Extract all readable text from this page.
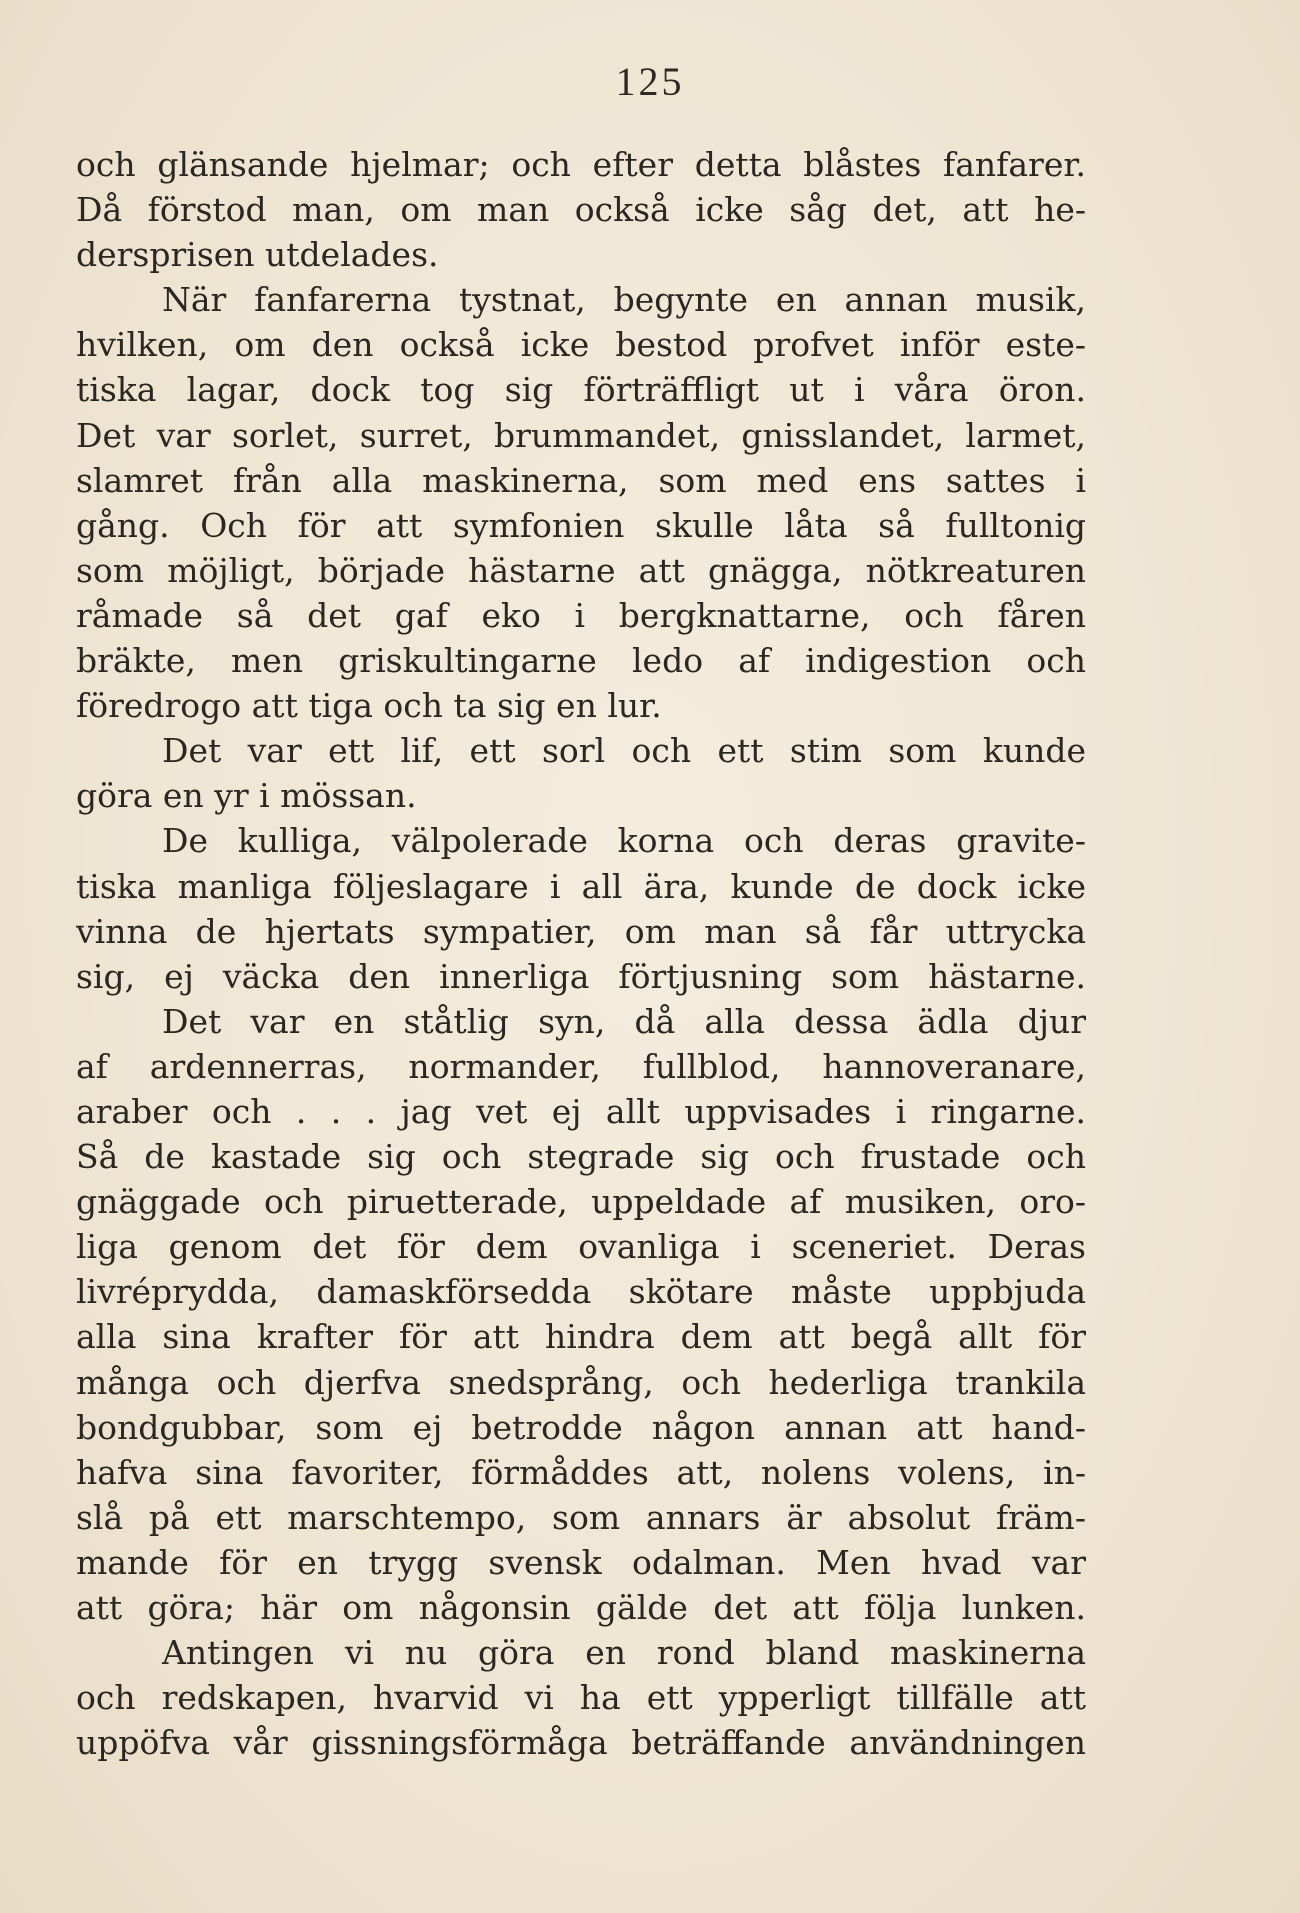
125
och glänsande hjelmar; och efter detta blåstes fanfarer.
Då förstod man, om man också icke såg det, att he-
dersprisen utdelades.
När fanfarerna tystnat, begynte en annan musik,
hvilken, om den också icke bestod profvet inför este-
tiska lagar, dock tog sig förträffligt ut i våra öron.
Det var sorlet, surret, brummandet, gnisslandet, larmet,
slamret från alla maskinerna, som med ens sattes i
gång. Och för att symfonien skulle låta så fulltonig
som möjligt, började hästarne att gnägga, nötkreaturen
råmade så det gaf eko i bergknattarne, och fåren
bräkte, men griskultingarne ledo af indigestion och
föredrogo att tiga och ta sig en lur.
Det var ett lif, ett sorl och ett stim som kunde
göra en yr i mössan.
De kulliga, välpolerade korna och deras gravite-
tiska manliga följeslagare i all ära, kunde de dock icke
vinna de hjertats sympatier, om man så får uttrycka
sig, ej väcka den innerliga förtjusning som hästarne.
Det var en ståtlig syn, då alla dessa ädla djur
af ardennerras, normander, fullblod, hannoveranare,
araber och . . . jag vet ej allt uppvisades i ringarne.
Så de kastade sig och stegrade sig och frustade och
gnäggade och piruetterade, uppeldade af musiken, oro-
liga genom det för dem ovanliga i sceneriet. Deras
livréprydda, damaskförsedda skötare måste uppbjuda
alla sina krafter för att hindra dem att begå allt för
många och djerfva snedsprång, och hederliga trankila
bondgubbar, som ej betrodde någon annan att hand-
hafva sina favoriter, förmåddes att, nolens volens, in-
slå på ett marschtempo, som annars är absolut främ-
mande för en trygg svensk odalman. Men hvad var
att göra; här om någonsin gälde det att följa lunken.
Antingen vi nu göra en rond bland maskinerna
och redskapen, hvarvid vi ha ett ypperligt tillfälle att
uppöfva vår gissningsförmåga beträffande användningen
